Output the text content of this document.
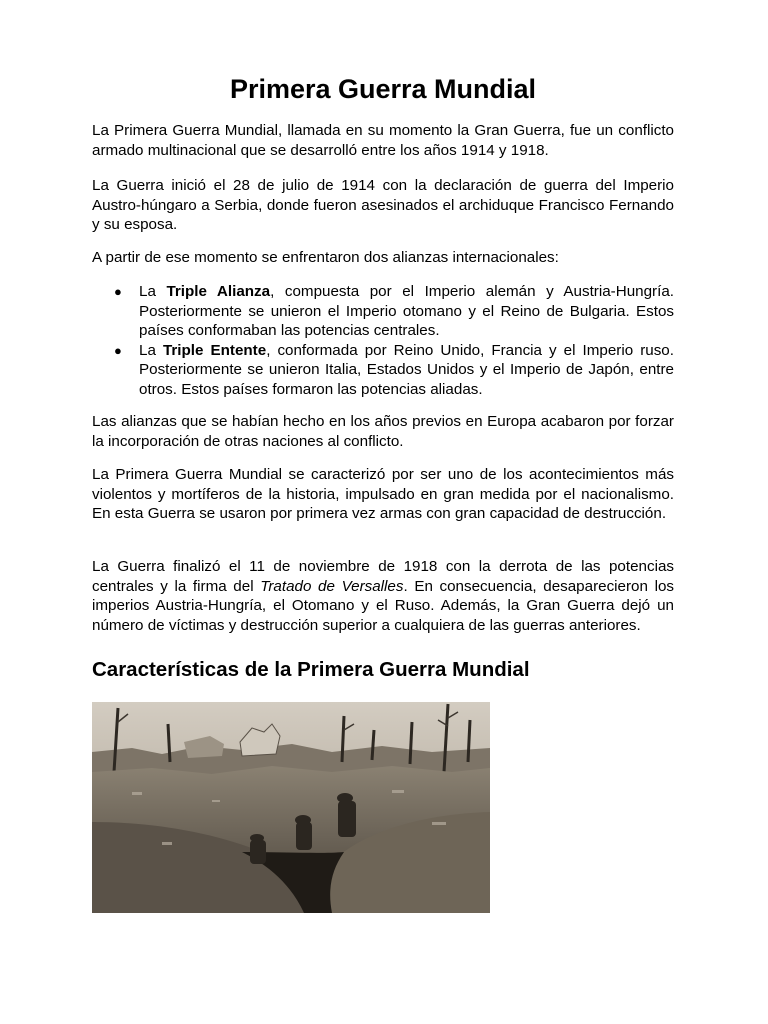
Primera Guerra Mundial

La Primera Guerra Mundial, llamada en su momento la Gran Guerra, fue un conflicto armado multinacional que se desarrolló entre los años 1914 y 1918.

La Guerra inició el 28 de julio de 1914 con la declaración de guerra del Imperio Austro-húngaro a Serbia, donde fueron asesinados el archiduque Francisco Fernando y su esposa.

A partir de ese momento se enfrentaron dos alianzas internacionales:

● La Triple Alianza, compuesta por el Imperio alemán y Austria-Hungría. Posteriormente se unieron el Imperio otomano y el Reino de Bulgaria. Estos países conformaban las potencias centrales.
● La Triple Entente, conformada por Reino Unido, Francia y el Imperio ruso. Posteriormente se unieron Italia, Estados Unidos y el Imperio de Japón, entre otros. Estos países formaron las potencias aliadas.

Las alianzas que se habían hecho en los años previos en Europa acabaron por forzar la incorporación de otras naciones al conflicto.

La Primera Guerra Mundial se caracterizó por ser uno de los acontecimientos más violentos y mortíferos de la historia, impulsado en gran medida por el nacionalismo. En esta Guerra se usaron por primera vez armas con gran capacidad de destrucción.

La Guerra finalizó el 11 de noviembre de 1918 con la derrota de las potencias centrales y la firma del Tratado de Versalles. En consecuencia, desaparecieron los imperios Austria-Hungría, el Otomano y el Ruso. Además, la Gran Guerra dejó un número de víctimas y destrucción superior a cualquiera de las guerras anteriores.

Características de la Primera Guerra Mundial
